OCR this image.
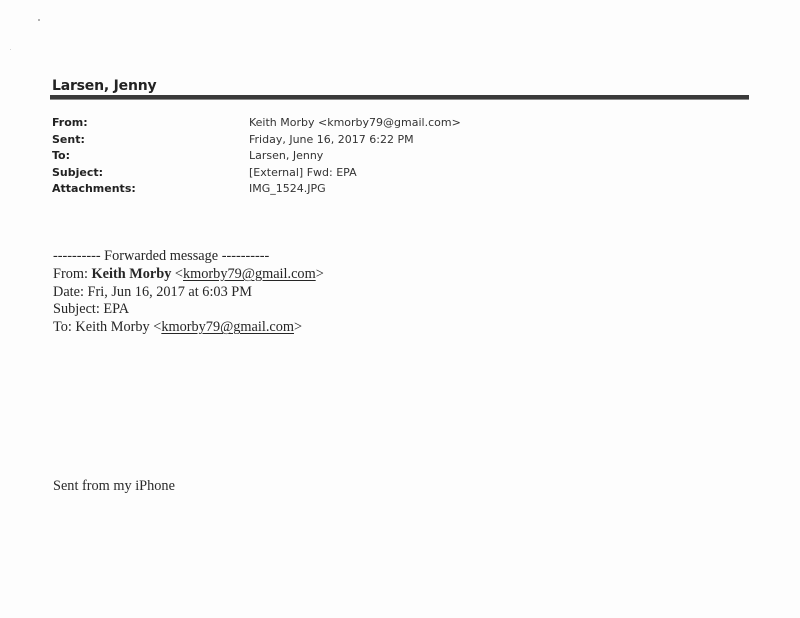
Larsen, Jenny
From:	Keith Morby <kmorby79@gmail.com>
Sent:	Friday, June 16, 2017 6:22 PM
To:	Larsen, Jenny
Subject:	[External] Fwd: EPA
Attachments:	IMG_1524.JPG
---------- Forwarded message ----------
From: Keith Morby <kmorby79@gmail.com>
Date: Fri, Jun 16, 2017 at 6:03 PM
Subject: EPA
To: Keith Morby <kmorby79@gmail.com>
Sent from my iPhone
